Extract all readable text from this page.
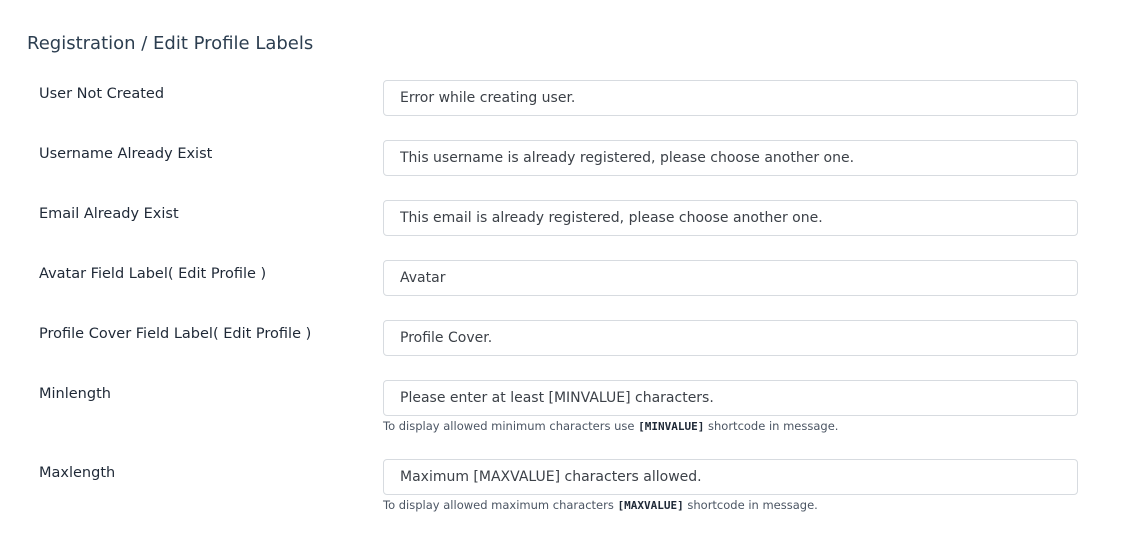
Registration / Edit Profile Labels
User Not Created
Error while creating user.
Username Already Exist
This username is already registered, please choose another one.
Email Already Exist
This email is already registered, please choose another one.
Avatar Field Label( Edit Profile )
Avatar
Profile Cover Field Label( Edit Profile )
Profile Cover.
Minlength
Please enter at least [MINVALUE] characters.
To display allowed minimum characters use [MINVALUE] shortcode in message.
Maxlength
Maximum [MAXVALUE] characters allowed.
To display allowed maximum characters [MAXVALUE] shortcode in message.
